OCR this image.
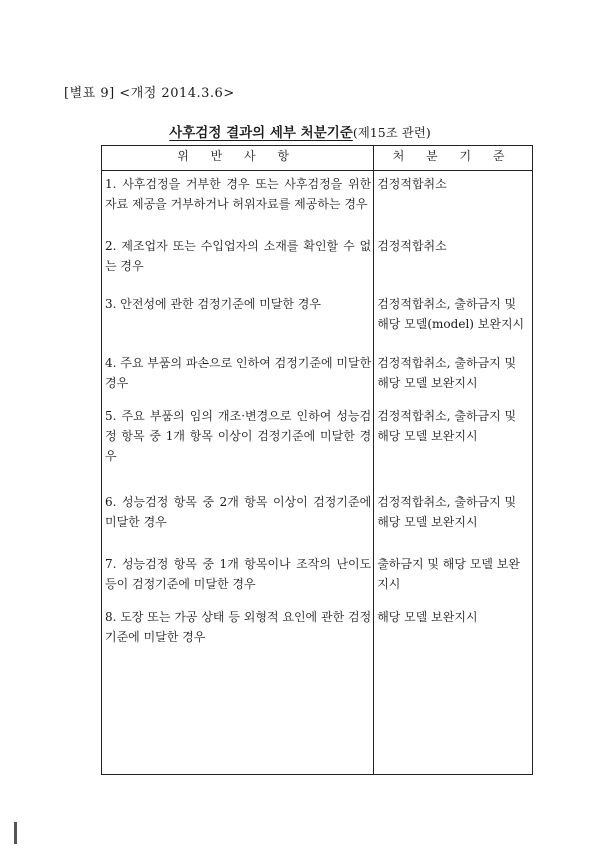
[별표 9] <개정 2014.3.6>
사후검정 결과의 세부 처분기준(제15조 관련)
위 반 사 항	처 분 기 준
1. 사후검정을 거부한 경우 또는 사후검정을 위한 자료 제공을 거부하거나 허위자료를 제공하는 경우	검정적합취소
2. 제조업자 또는 수입업자의 소재를 확인할 수 없는 경우	검정적합취소
3. 안전성에 관한 검정기준에 미달한 경우	검정적합취소, 출하금지 및 해당 모델(model) 보완지시
4. 주요 부품의 파손으로 인하여 검정기준에 미달한 경우	검정적합취소, 출하금지 및 해당 모델 보완지시
5. 주요 부품의 임의 개조·변경으로 인하여 성능검정 항목 중 1개 항목 이상이 검정기준에 미달한 경우	검정적합취소, 출하금지 및 해당 모델 보완지시
6. 성능검정 항목 중 2개 항목 이상이 검정기준에 미달한 경우	검정적합취소, 출하금지 및 해당 모델 보완지시
7. 성능검정 항목 중 1개 항목이나 조작의 난이도 등이 검정기준에 미달한 경우	출하금지 및 해당 모델 보완지시
8. 도장 또는 가공 상태 등 외형적 요인에 관한 검정기준에 미달한 경우	해당 모델 보완지시
